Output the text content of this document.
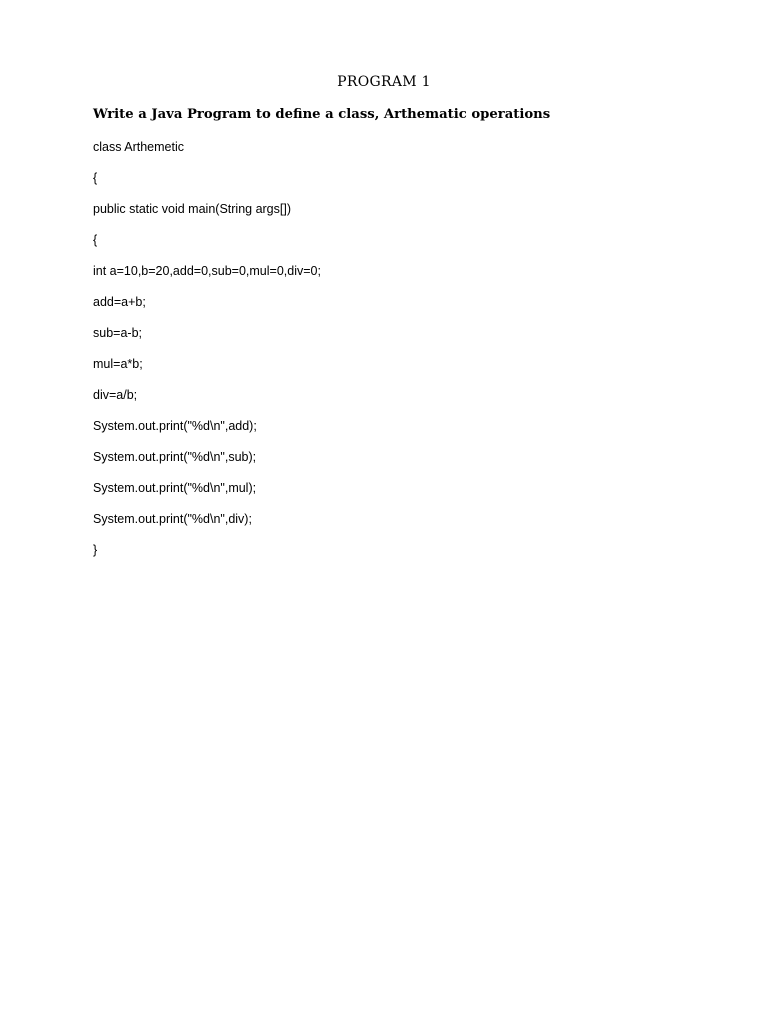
PROGRAM 1
Write a Java Program to define a class, Arthematic operations
class Arthemetic
{
public static void main(String args[])
{
int a=10,b=20,add=0,sub=0,mul=0,div=0;
add=a+b;
sub=a-b;
mul=a*b;
div=a/b;
System.out.print("%d\n",add);
System.out.print("%d\n",sub);
System.out.print("%d\n",mul);
System.out.print("%d\n",div);
}
